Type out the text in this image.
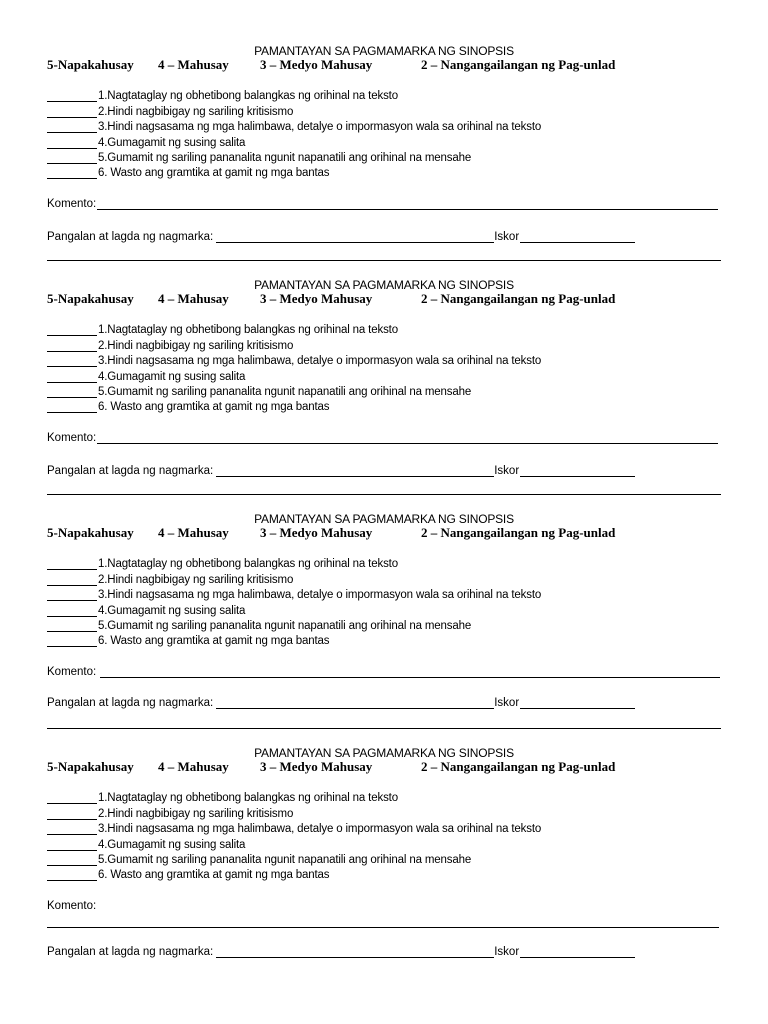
PAMANTAYAN SA PAGMAMARKA NG SINOPSIS
5-Napakahusay 4 – Mahusay 3 – Medyo Mahusay	2 – Nangangailangan ng Pag-unlad
1.Nagtataglay ng obhetibong balangkas ng orihinal na teksto
2.Hindi nagbibigay ng sariling kritisismo
3.Hindi nagsasama ng mga halimbawa, detalye o impormasyon wala sa orihinal na teksto
4.Gumagamit ng susing salita
5.Gumamit ng sariling pananalita ngunit napanatili ang orihinal na mensahe
6. Wasto ang gramtika at gamit ng mga bantas
Komento:
Pangalan at lagda ng nagmarka:	Iskor
PAMANTAYAN SA PAGMAMARKA NG SINOPSIS
5-Napakahusay 4 – Mahusay 3 – Medyo Mahusay	2 – Nangangailangan ng Pag-unlad
1.Nagtataglay ng obhetibong balangkas ng orihinal na teksto
2.Hindi nagbibigay ng sariling kritisismo
3.Hindi nagsasama ng mga halimbawa, detalye o impormasyon wala sa orihinal na teksto
4.Gumagamit ng susing salita
5.Gumamit ng sariling pananalita ngunit napanatili ang orihinal na mensahe
6. Wasto ang gramtika at gamit ng mga bantas
Komento:
Pangalan at lagda ng nagmarka:	Iskor
PAMANTAYAN SA PAGMAMARKA NG SINOPSIS
5-Napakahusay 4 – Mahusay 3 – Medyo Mahusay	2 – Nangangailangan ng Pag-unlad
1.Nagtataglay ng obhetibong balangkas ng orihinal na teksto
2.Hindi nagbibigay ng sariling kritisismo
3.Hindi nagsasama ng mga halimbawa, detalye o impormasyon wala sa orihinal na teksto
4.Gumagamit ng susing salita
5.Gumamit ng sariling pananalita ngunit napanatili ang orihinal na mensahe
6. Wasto ang gramtika at gamit ng mga bantas
Komento:
Pangalan at lagda ng nagmarka:	Iskor
PAMANTAYAN SA PAGMAMARKA NG SINOPSIS
5-Napakahusay 4 – Mahusay 3 – Medyo Mahusay	2 – Nangangailangan ng Pag-unlad
1.Nagtataglay ng obhetibong balangkas ng orihinal na teksto
2.Hindi nagbibigay ng sariling kritisismo
3.Hindi nagsasama ng mga halimbawa, detalye o impormasyon wala sa orihinal na teksto
4.Gumagamit ng susing salita
5.Gumamit ng sariling pananalita ngunit napanatili ang orihinal na mensahe
6. Wasto ang gramtika at gamit ng mga bantas
Komento:
Pangalan at lagda ng nagmarka:	Iskor
